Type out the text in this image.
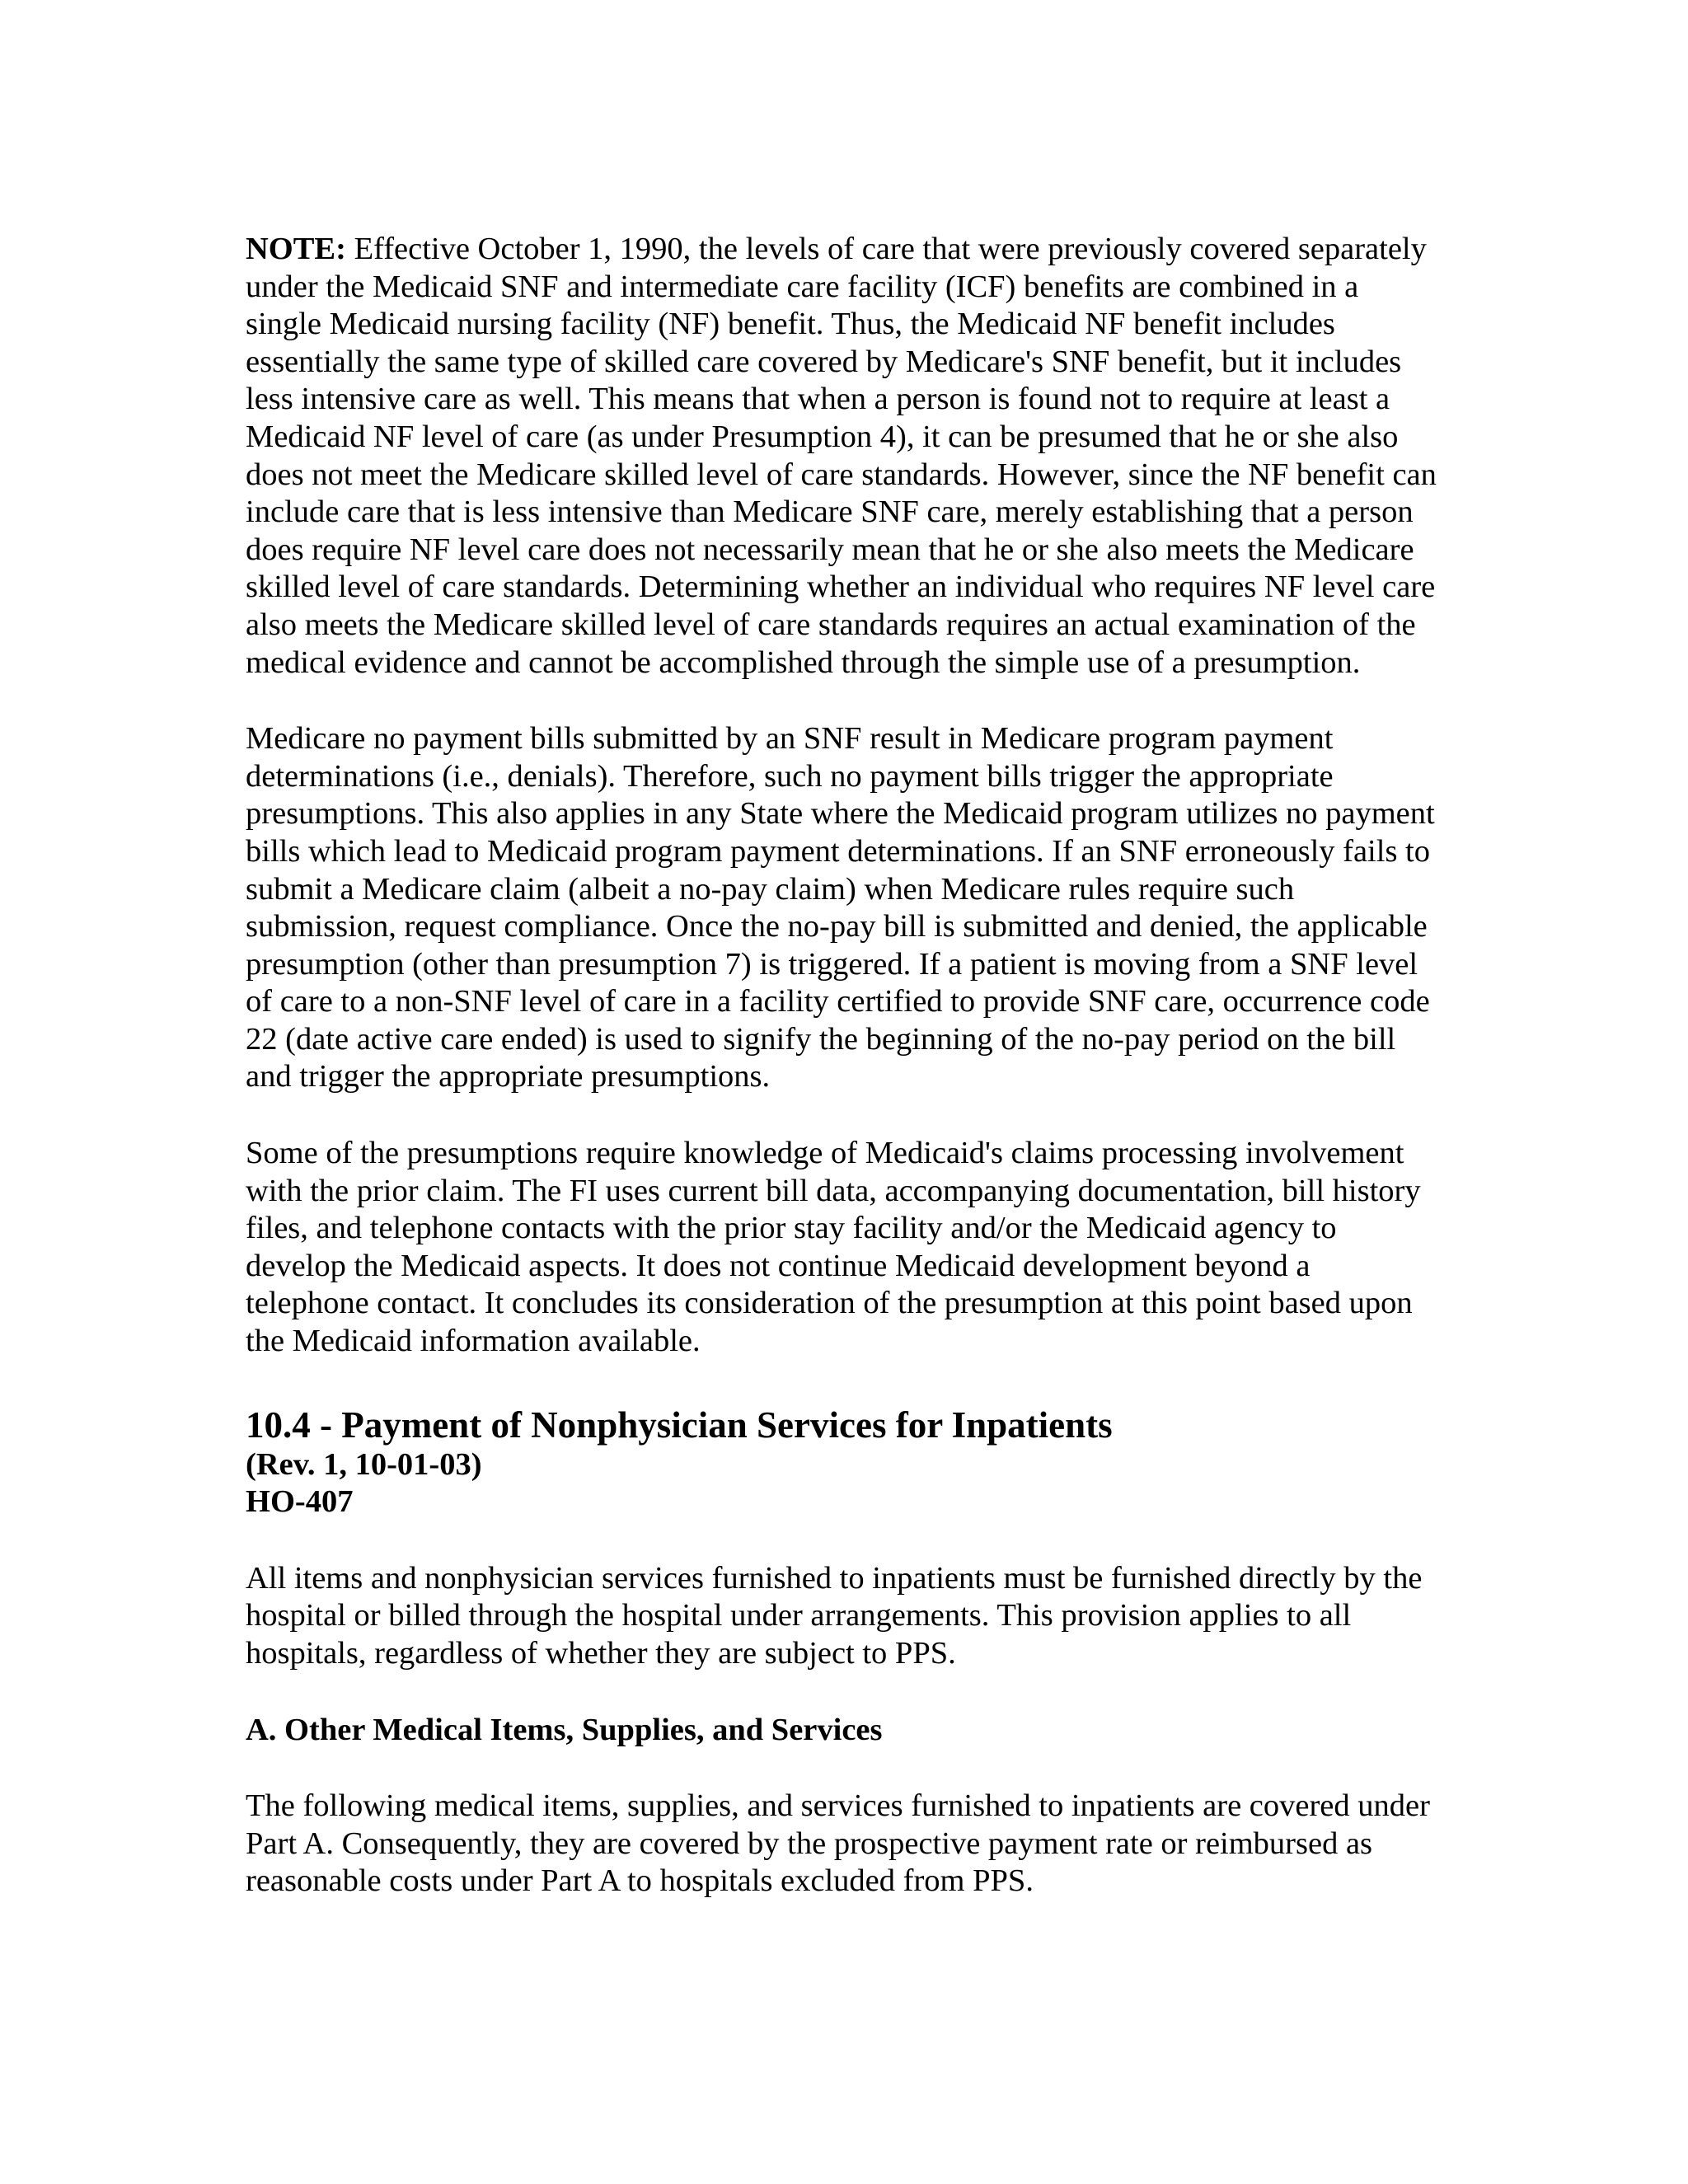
NOTE: Effective October 1, 1990, the levels of care that were previously covered separately under the Medicaid SNF and intermediate care facility (ICF) benefits are combined in a single Medicaid nursing facility (NF) benefit. Thus, the Medicaid NF benefit includes essentially the same type of skilled care covered by Medicare's SNF benefit, but it includes less intensive care as well. This means that when a person is found not to require at least a Medicaid NF level of care (as under Presumption 4), it can be presumed that he or she also does not meet the Medicare skilled level of care standards. However, since the NF benefit can include care that is less intensive than Medicare SNF care, merely establishing that a person does require NF level care does not necessarily mean that he or she also meets the Medicare skilled level of care standards. Determining whether an individual who requires NF level care also meets the Medicare skilled level of care standards requires an actual examination of the medical evidence and cannot be accomplished through the simple use of a presumption.

Medicare no payment bills submitted by an SNF result in Medicare program payment determinations (i.e., denials). Therefore, such no payment bills trigger the appropriate presumptions. This also applies in any State where the Medicaid program utilizes no payment bills which lead to Medicaid program payment determinations. If an SNF erroneously fails to submit a Medicare claim (albeit a no-pay claim) when Medicare rules require such submission, request compliance. Once the no-pay bill is submitted and denied, the applicable presumption (other than presumption 7) is triggered. If a patient is moving from a SNF level of care to a non-SNF level of care in a facility certified to provide SNF care, occurrence code 22 (date active care ended) is used to signify the beginning of the no-pay period on the bill and trigger the appropriate presumptions.

Some of the presumptions require knowledge of Medicaid's claims processing involvement with the prior claim. The FI uses current bill data, accompanying documentation, bill history files, and telephone contacts with the prior stay facility and/or the Medicaid agency to develop the Medicaid aspects. It does not continue Medicaid development beyond a telephone contact. It concludes its consideration of the presumption at this point based upon the Medicaid information available.

10.4 - Payment of Nonphysician Services for Inpatients

(Rev. 1, 10-01-03)

HO-407

All items and nonphysician services furnished to inpatients must be furnished directly by the hospital or billed through the hospital under arrangements. This provision applies to all hospitals, regardless of whether they are subject to PPS.

A. Other Medical Items, Supplies, and Services

The following medical items, supplies, and services furnished to inpatients are covered under Part A. Consequently, they are covered by the prospective payment rate or reimbursed as reasonable costs under Part A to hospitals excluded from PPS.
